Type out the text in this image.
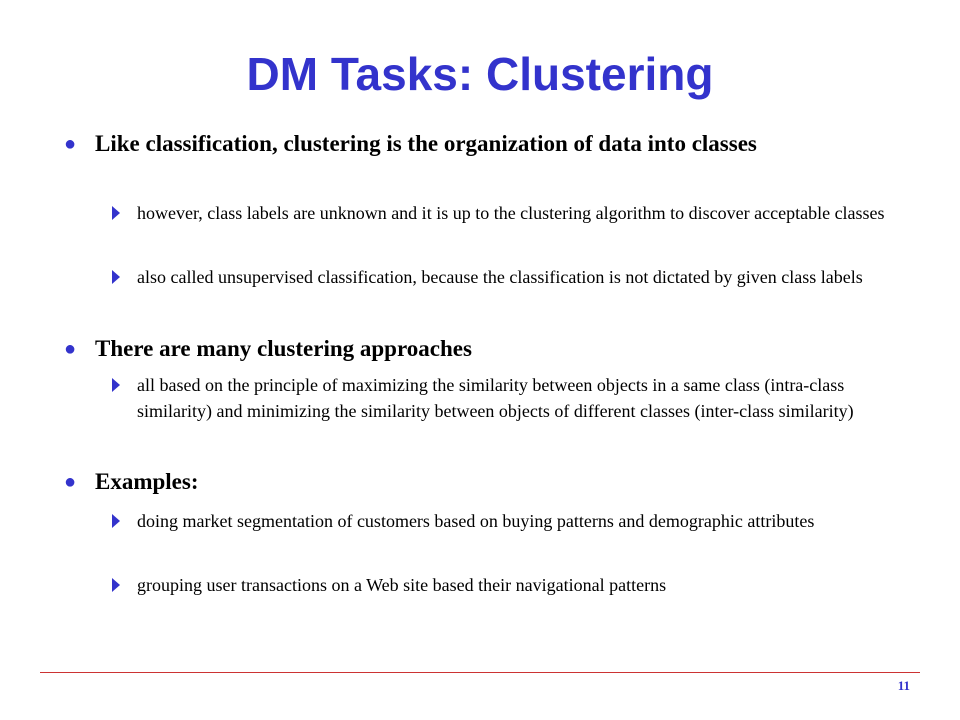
DM Tasks: Clustering
● Like classification, clustering is the organization of data into classes
however, class labels are unknown and it is up to the clustering algorithm to discover acceptable classes
also called unsupervised classification, because the classification is not dictated by given class labels
● There are many clustering approaches
all based on the principle of maximizing the similarity between objects in a same class (intra-class similarity) and minimizing the similarity between objects of different classes (inter-class similarity)
● Examples:
doing market segmentation of customers based on buying patterns and demographic attributes
grouping user transactions on a Web site based their navigational patterns
11
